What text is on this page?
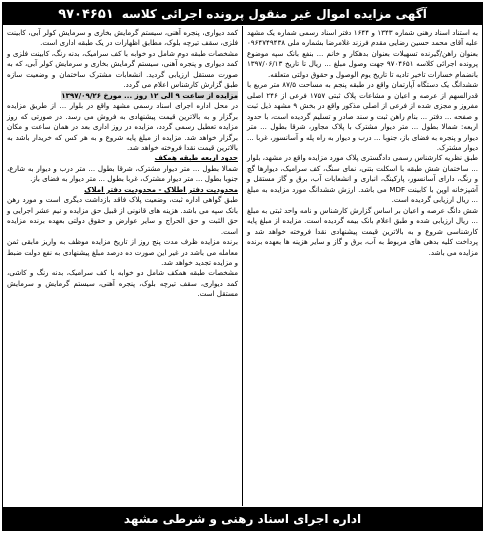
آگهی مزایده اموال غیر منقول پرونده اجرائی کلاسه
۹۷۰۴۶۵۱

به استناد اسناد رهنی شماره ۱۳۴۳ و ۱۶۴۴ دفتر اسناد رسمی شماره یک مشهد علیه آقای محمد حسین رضایی مقدم فرزند غلامرضا بشماره ملی ۰۹۶۴۷۴۹۴۳۸ بعنوان راهن/گیرنده تسهیلات بعنوان بدهکار و خانم ... بنفع بانک سپه موضوع پرونده اجرائی کلاسه ۹۷۰۴۶۵۱ جهت وصول مبلغ ... ریال تا تاریخ ۱۳۹۷/۰۶/۱۳ بانضمام خسارات تاخیر تادیه تا تاریخ یوم الوصول و حقوق دولتی متعلقه.

ششدانگ یک دستگاه آپارتمان واقع در طبقه پنجم به مساحت ۸۷/۵ متر مربع با قدرالسهم از عرصه و اعیان و مشاعات پلاک ثبتی ۱۷۵۷ فرعی از ۲۴۶ اصلی مفروز و مجزی شده از فرعی از اصلی مذکور واقع در بخش ۹ مشهد ذیل ثبت و صفحه ... دفتر ... بنام راهن ثبت و سند صادر و تسلیم گردیده است، با حدود اربعه: شمالا بطول ... متر دیوار مشترک با پلاک مجاور، شرقا بطول ... متر دیوار و پنجره به فضای باز، جنوبا ... درب و دیوار به راه پله و آسانسور، غربا ... دیوار مشترک.

طبق نظریه کارشناس رسمی دادگستری پلاک مورد مزایده واقع در مشهد، بلوار ... ساختمان شش طبقه با اسکلت بتنی، نمای سنگ، کف سرامیک، دیوارها گچ و رنگ، دارای آسانسور، پارکینگ، انباری و انشعابات آب، برق و گاز مستقل و آشپزخانه اوپن با کابینت MDF می باشد. ارزش ششدانگ مورد مزایده به مبلغ ... ریال ارزیابی گردیده است.

شش دانگ عرصه و اعیان بر اساس گزارش کارشناس و نامه واحد ثبتی به مبلغ ... ریال ارزیابی شده و طبق اعلام بانک بیمه گردیده است. مزایده از مبلغ پایه کارشناسی شروع و به بالاترین قیمت پیشنهادی نقدا فروخته خواهد شد و پرداخت کلیه بدهی های مربوط به آب، برق و گاز و سایر هزینه ها بعهده برنده مزایده می باشد.

کمد دیواری، پنجره آهنی، سیستم گرمایش بخاری و سرمایش کولر آبی، کابینت فلزی، سقف تیرچه بلوک، مطابق اظهارات در یک طبقه اداری است.

مشخصات طبقه دوم شامل دو خوابه با کف سرامیک، بدنه رنگ، کابینت فلزی و کمد دیواری و پنجره آهنی، سیستم گرمایش بخاری و سرمایش کولر آبی، که به صورت مستقل ارزیابی گردید. انشعابات مشترک ساختمان و وضعیت سازه طبق گزارش کارشناس اعلام می گردد.

مزایده از ساعت ۹ الی ۱۲ روز ... مورخ ۱۳۹۷/۰۹/۲۶

در محل اداره اجرای اسناد رسمی مشهد واقع در بلوار ... از طریق مزایده برگزار و به بالاترین قیمت پیشنهادی به فروش می رسد. در صورتی که روز مزایده تعطیل رسمی گردد، مزایده در روز اداری بعد در همان ساعت و مکان برگزار خواهد شد. مزایده از مبلغ پایه شروع و به هر کس که خریدار باشد به بالاترین قیمت نقدا فروخته خواهد شد.

حدود اربعه طبقه همکف

شمالا بطول ... متر دیوار مشترک، شرقا بطول ... متر درب و دیوار به شارع، جنوبا بطول ... متر دیوار مشترک، غربا بطول ... متر دیوار به فضای باز.

محدودیت دفتر اطلاک - محدودیت دفتر املاک

طبق گواهی اداره ثبت، وضعیت پلاک فاقد بازداشت دیگری است و مورد رهن بانک سپه می باشد. هزینه های قانونی از قبیل حق مزایده و نیم عشر اجرایی و حق الثبت و حق الحراج و سایر عوارض و حقوق دولتی بعهده برنده مزایده است.

برنده مزایده ظرف مدت پنج روز از تاریخ مزایده موظف به واریز مابقی ثمن معامله می باشد در غیر این صورت ده درصد مبلغ پیشنهادی به نفع دولت ضبط و مزایده تجدید خواهد شد.

مشخصات طبقه همکف شامل دو خوابه با کف سرامیک، بدنه رنگ و کاشی، کمد دیواری، سقف تیرچه بلوک، پنجره آهنی، سیستم گرمایش و سرمایش مستقل است.

اداره اجرای اسناد رهنی و شرطی مشهد
